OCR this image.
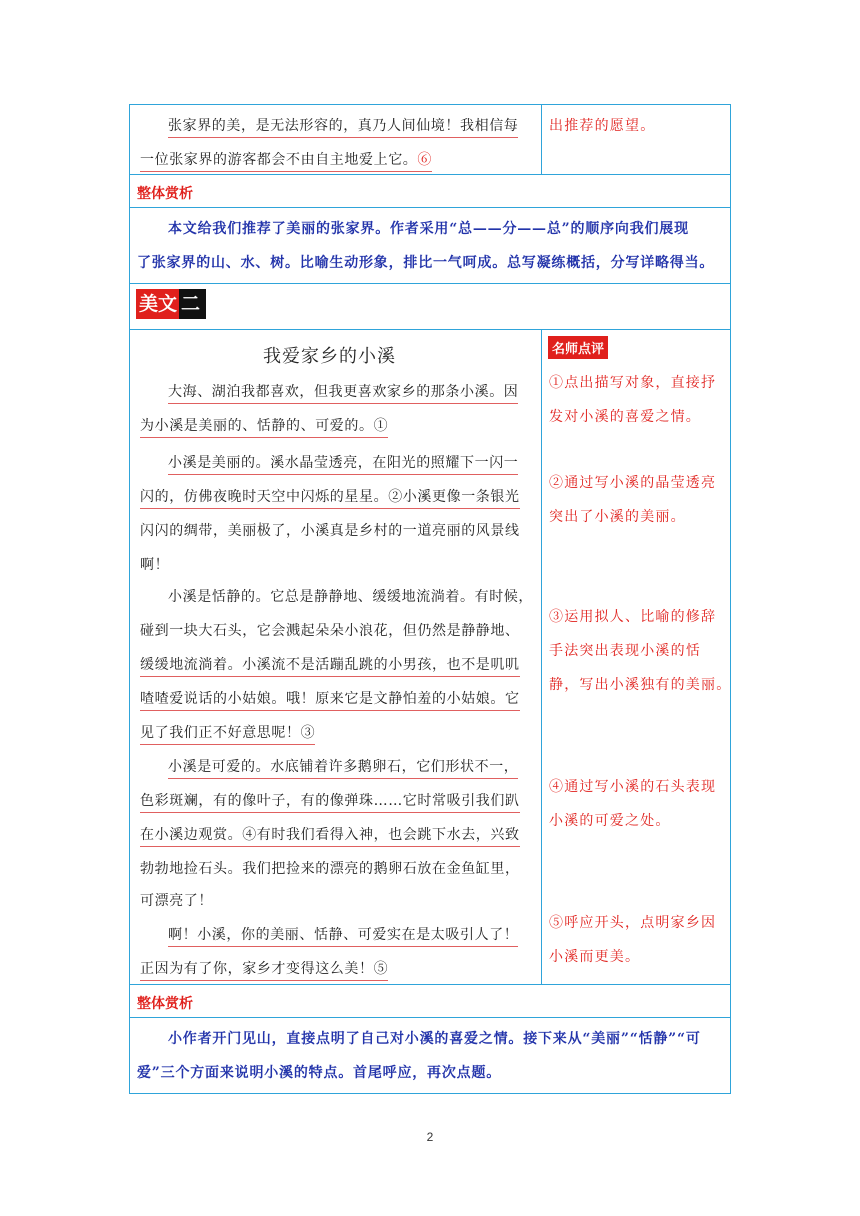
张家界的美，是无法形容的，真乃人间仙境！我相信每
一位张家界的游客都会不由自主地爱上它。⑥
出推荐的愿望。
整体赏析
本文给我们推荐了美丽的张家界。作者采用“总——分——总”的顺序向我们展现
了张家界的山、水、树。比喻生动形象，排比一气呵成。总写凝练概括，分写详略得当。
美文 二
我爱家乡的小溪	名师点评
大海、湖泊我都喜欢，但我更喜欢家乡的那条小溪。因
为小溪是美丽的、恬静的、可爱的。①
小溪是美丽的。溪水晶莹透亮，在阳光的照耀下一闪一
闪的，仿佛夜晚时天空中闪烁的星星。②小溪更像一条银光
闪闪的绸带，美丽极了，小溪真是乡村的一道亮丽的风景线
啊！
小溪是恬静的。它总是静静地、缓缓地流淌着。有时候，
碰到一块大石头，它会溅起朵朵小浪花，但仍然是静静地、
缓缓地流淌着。小溪流不是活蹦乱跳的小男孩，也不是叽叽
喳喳爱说话的小姑娘。哦！原来它是文静怕羞的小姑娘。它
见了我们正不好意思呢！③
小溪是可爱的。水底铺着许多鹅卵石，它们形状不一，
色彩斑斓，有的像叶子，有的像弹珠……它时常吸引我们趴
在小溪边观赏。④有时我们看得入神，也会跳下水去，兴致
勃勃地捡石头。我们把捡来的漂亮的鹅卵石放在金鱼缸里，
可漂亮了！
啊！小溪，你的美丽、恬静、可爱实在是太吸引人了！
正因为有了你，家乡才变得这么美！⑤
①点出描写对象，直接抒
发对小溪的喜爱之情。
②通过写小溪的晶莹透亮
突出了小溪的美丽。
③运用拟人、比喻的修辞
手法突出表现小溪的恬
静，写出小溪独有的美丽。
④通过写小溪的石头表现
小溪的可爱之处。
⑤呼应开头，点明家乡因
小溪而更美。
整体赏析
小作者开门见山，直接点明了自己对小溪的喜爱之情。接下来从“美丽”“恬静”“可
爱”三个方面来说明小溪的特点。首尾呼应，再次点题。
2
